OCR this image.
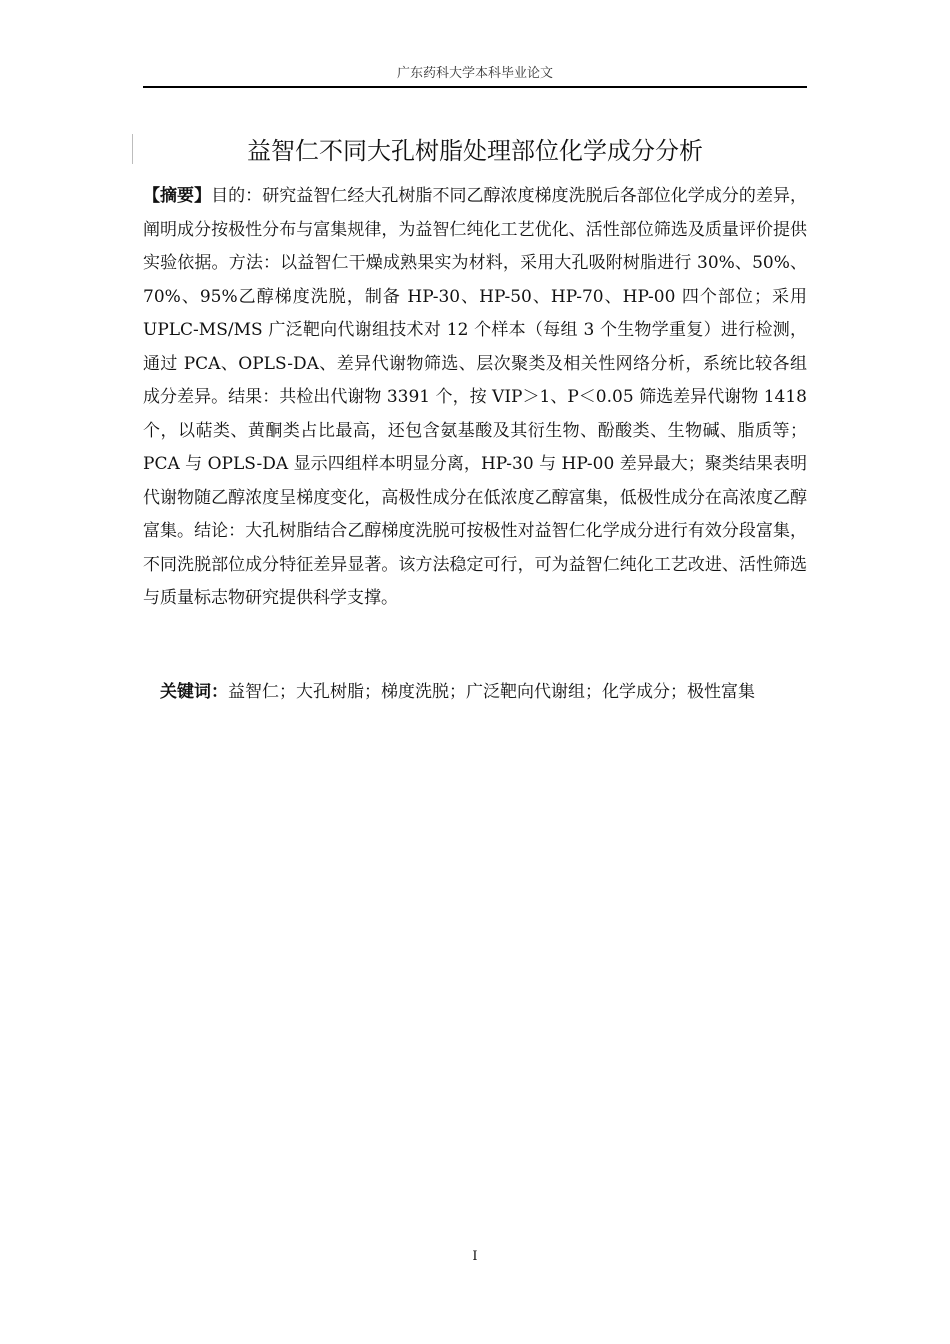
广东药科大学本科毕业论文
益智仁不同大孔树脂处理部位化学成分分析

【摘要】目的：研究益智仁经大孔树脂不同乙醇浓度梯度洗脱后各部位化学成分的差异，阐明成分按极性分布与富集规律，为益智仁纯化工艺优化、活性部位筛选及质量评价提供实验依据。方法：以益智仁干燥成熟果实为材料，采用大孔吸附树脂进行 30%、50%、70%、95%乙醇梯度洗脱，制备 HP-30、HP-50、HP-70、HP-00 四个部位；采用 UPLC-MS/MS 广泛靶向代谢组技术对 12 个样本（每组 3 个生物学重复）进行检测，通过 PCA、OPLS-DA、差异代谢物筛选、层次聚类及相关性网络分析，系统比较各组成分差异。结果：共检出代谢物 3391 个，按 VIP＞1、P＜0.05 筛选差异代谢物 1418 个，以萜类、黄酮类占比最高，还包含氨基酸及其衍生物、酚酸类、生物碱、脂质等；PCA 与 OPLS-DA 显示四组样本明显分离，HP-30 与 HP-00 差异最大；聚类结果表明代谢物随乙醇浓度呈梯度变化，高极性成分在低浓度乙醇富集，低极性成分在高浓度乙醇富集。结论：大孔树脂结合乙醇梯度洗脱可按极性对益智仁化学成分进行有效分段富集，不同洗脱部位成分特征差异显著。该方法稳定可行，可为益智仁纯化工艺改进、活性筛选与质量标志物研究提供科学支撑。

关键词：益智仁；大孔树脂；梯度洗脱；广泛靶向代谢组；化学成分；极性富集

I
